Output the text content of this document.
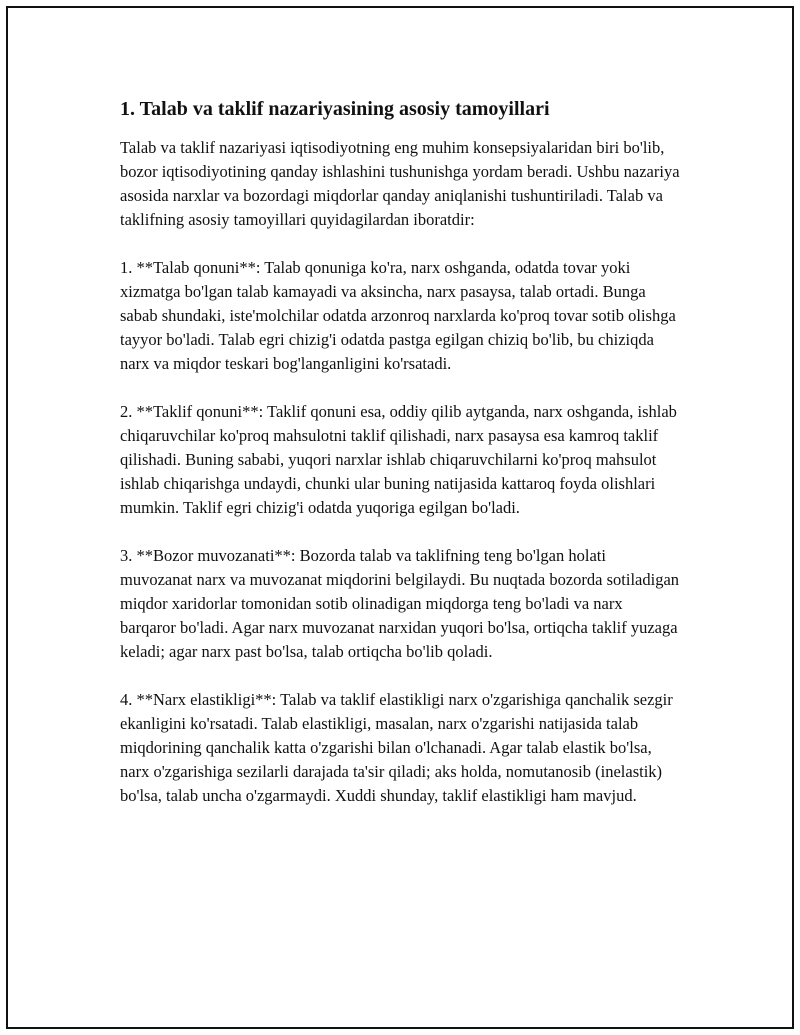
1. Talab va taklif nazariyasining asosiy tamoyillari

Talab va taklif nazariyasi iqtisodiyotning eng muhim konsepsiyalaridan biri bo'lib, bozor iqtisodiyotining qanday ishlashini tushunishga yordam beradi. Ushbu nazariya asosida narxlar va bozordagi miqdorlar qanday aniqlanishi tushuntiriladi. Talab va taklifning asosiy tamoyillari quyidagilardan iboratdir:

1. **Talab qonuni**: Talab qonuniga ko'ra, narx oshganda, odatda tovar yoki xizmatga bo'lgan talab kamayadi va aksincha, narx pasaysa, talab ortadi. Bunga sabab shundaki, iste'molchilar odatda arzonroq narxlarda ko'proq tovar sotib olishga tayyor bo'ladi. Talab egri chizig'i odatda pastga egilgan chiziq bo'lib, bu chiziqda narx va miqdor teskari bog'langanligini ko'rsatadi.

2. **Taklif qonuni**: Taklif qonuni esa, oddiy qilib aytganda, narx oshganda, ishlab chiqaruvchilar ko'proq mahsulotni taklif qilishadi, narx pasaysa esa kamroq taklif qilishadi. Buning sababi, yuqori narxlar ishlab chiqaruvchilarni ko'proq mahsulot ishlab chiqarishga undaydi, chunki ular buning natijasida kattaroq foyda olishlari mumkin. Taklif egri chizig'i odatda yuqoriga egilgan bo'ladi.

3. **Bozor muvozanati**: Bozorda talab va taklifning teng bo'lgan holati muvozanat narx va muvozanat miqdorini belgilaydi. Bu nuqtada bozorda sotiladigan miqdor xaridorlar tomonidan sotib olinadigan miqdorga teng bo'ladi va narx barqaror bo'ladi. Agar narx muvozanat narxidan yuqori bo'lsa, ortiqcha taklif yuzaga keladi; agar narx past bo'lsa, talab ortiqcha bo'lib qoladi.

4. **Narx elastikligi**: Talab va taklif elastikligi narx o'zgarishiga qanchalik sezgir ekanligini ko'rsatadi. Talab elastikligi, masalan, narx o'zgarishi natijasida talab miqdorining qanchalik katta o'zgarishi bilan o'lchanadi. Agar talab elastik bo'lsa, narx o'zgarishiga sezilarli darajada ta'sir qiladi; aks holda, nomutanosib (inelastik) bo'lsa, talab uncha o'zgarmaydi. Xuddi shunday, taklif elastikligi ham mavjud.
